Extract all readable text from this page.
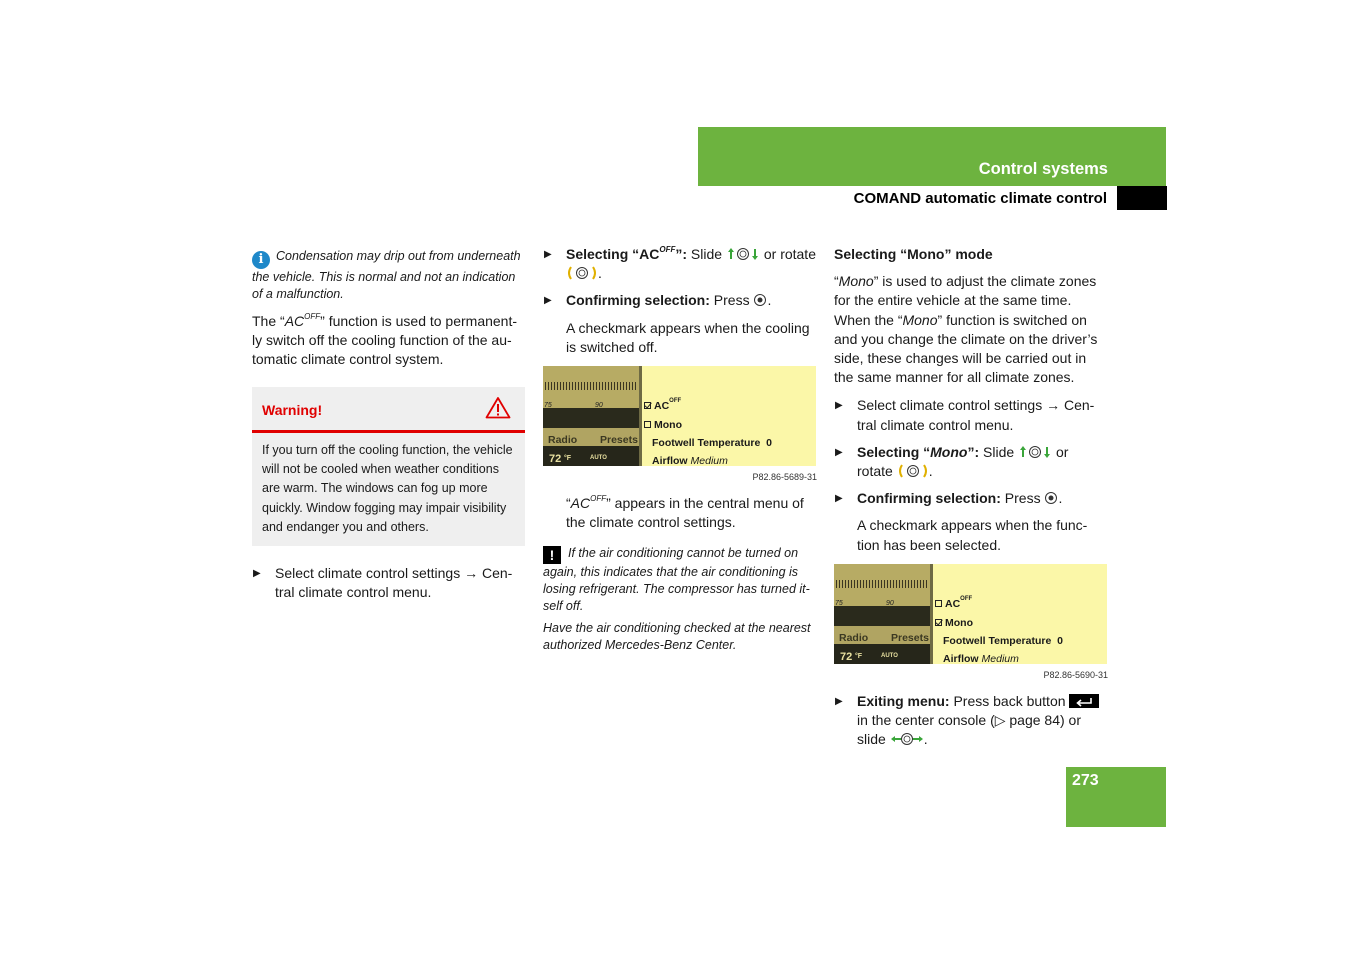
Control systems
COMAND automatic climate control

i Condensation may drip out from underneath the vehicle. This is normal and not an indication of a malfunction.

The “$AC^{OFF}$” function is used to permanent-ly switch off the cooling function of the au-tomatic climate control system.

Warning!
If you turn off the cooling function, the vehicle will not be cooled when weather conditions are warm. The windows can fog up more quickly. Window fogging may impair visibility and endanger you and others.
▶ Select climate control settings → Cen-tral climate control menu.
▶ Selecting “$AC^{OFF}$”: Slide	or rotate .
▶ Confirming selection: Press .

A checkmark appears when the cooling is switched off.

75	90
Radio Presets
72 °F	AUTO
$AC^{OFF}$
Mono
Footwell Temperature 0
Airflow Medium
P82.86-5689-31

“$AC^{OFF}$” appears in the central menu of the climate control settings.

! If the air conditioning cannot be turned on again, this indicates that the air conditioning is losing refrigerant. The compressor has turned it-self off.

Have the air conditioning checked at the nearest authorized Mercedes-Benz Center.

Selecting “Mono” mode

“Mono” is used to adjust the climate zones for the entire vehicle at the same time. When the “Mono” function is switched on and you change the climate on the driver’s side, these changes will be carried out in the same manner for all climate zones.

▶ Select climate control settings → Cen-tral climate control menu.
▶ Selecting “Mono”: Slide	or rotate	.
▶ Confirming selection: Press .

A checkmark appears when the func-tion has been selected.

75	90
Radio Presets
72 °F	AUTO
$AC^{OFF}$
Mono
Footwell Temperature 0
Airflow Medium
P82.86-5690-31
▶ Exiting menu: Press back button  in the center console (▷ page 84) or slide	.
273
